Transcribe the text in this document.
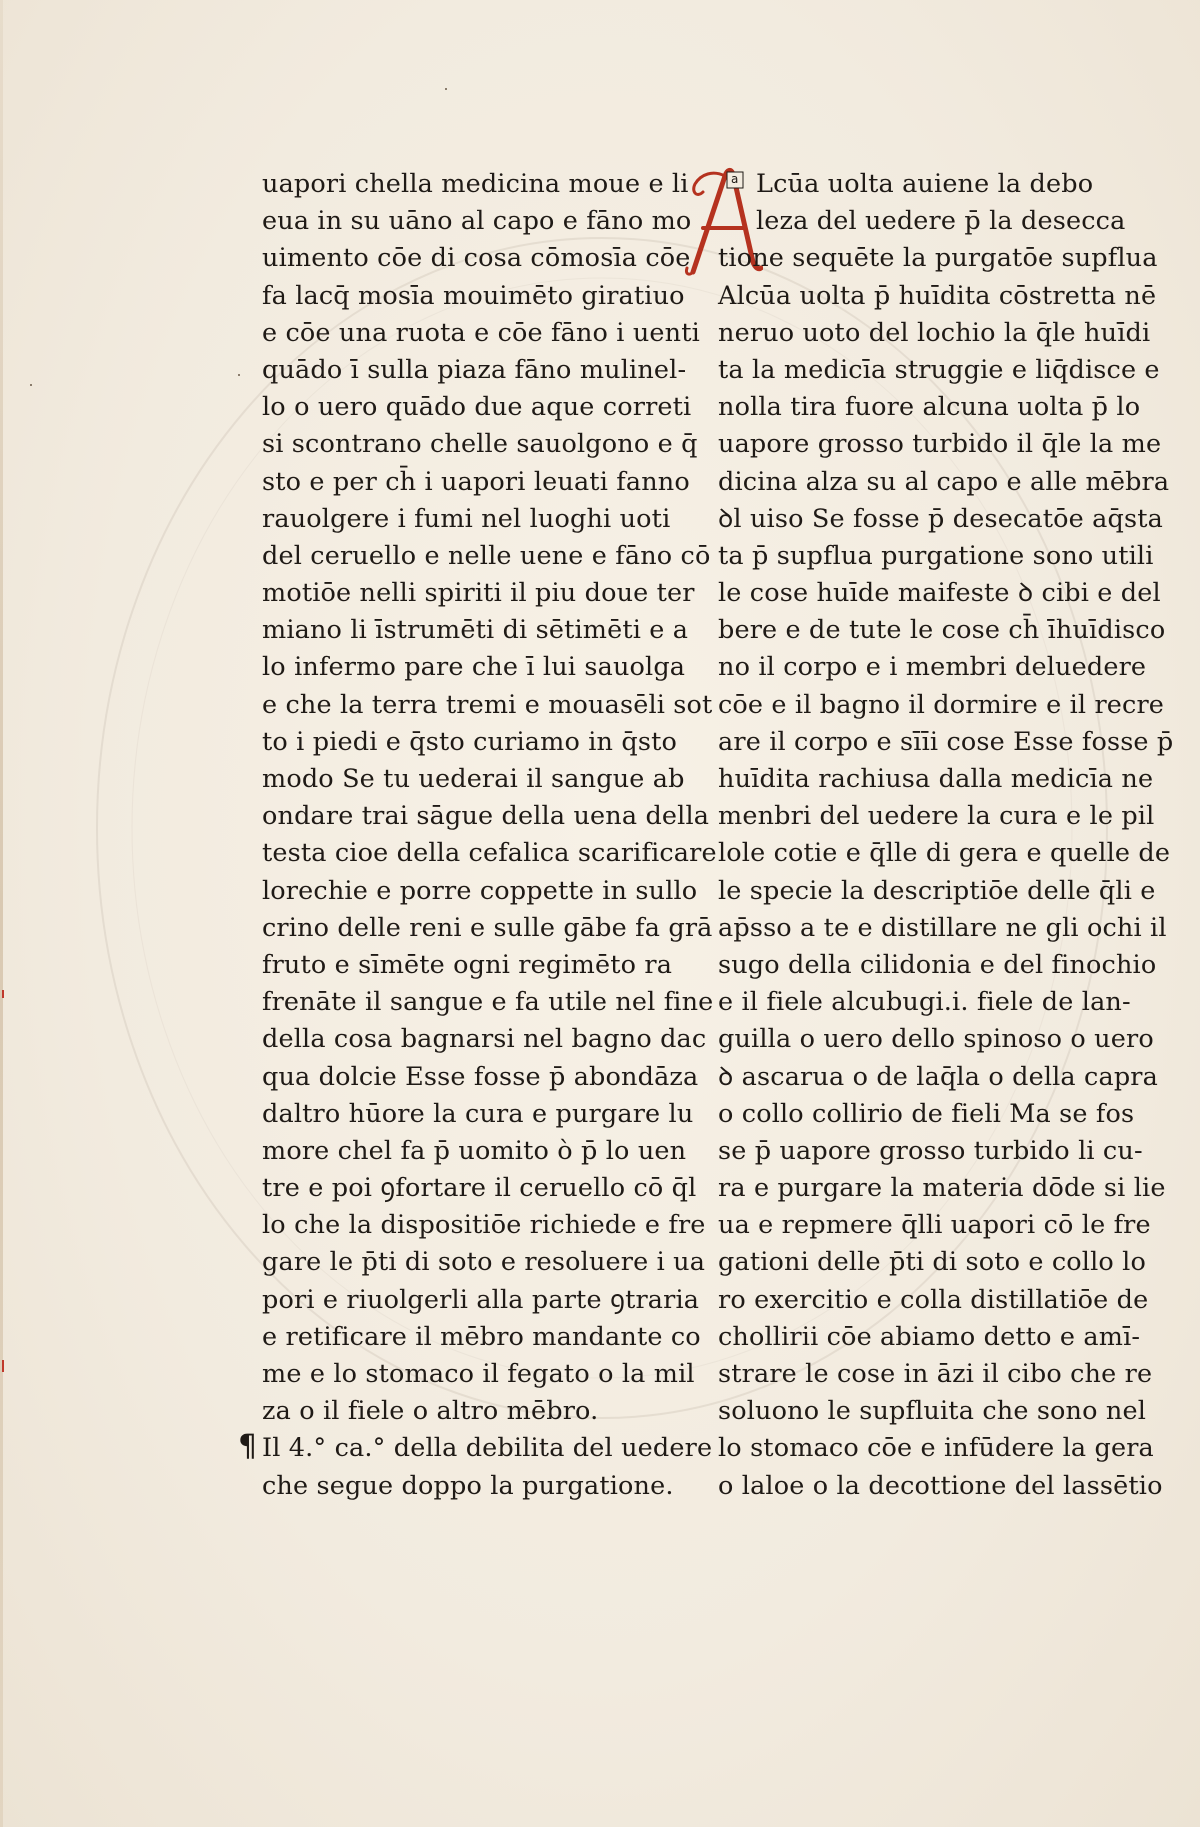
a
uapori chella medicina moue e li
eua in su uāno al capo e fāno mo
uimento cōe di cosa cōmosīa cōe
fa lacq̄ mosīa mouimēto giratiuo
e cōe una ruota e cōe fāno i uenti
quādo ī sulla piaza fāno mulinel-
lo o uero quādo due aque correti
si scontrano chelle sauolgono e q̄
sto e per ch̄ i uapori leuati fanno
rauolgere i fumi nel luoghi uoti
del ceruello e nelle uene e fāno cō
motiōe nelli spiriti il piu doue ter
miano li īstrumēti di sētimēti e a
lo infermo pare che ī lui sauolga
e che la terra tremi e mouasēli sot
to i piedi e q̄sto curiamo in q̄sto
modo Se tu uederai il sangue ab
ondare trai sāgue della uena della
testa cioe della cefalica scarificare
lorechie e porre coppette in sullo
crino delle reni e sulle gābe fa grā
fruto e sīmēte ogni regimēto ra
frenāte il sangue e fa utile nel fine
della cosa bagnarsi nel bagno dac
qua dolcie Esse fosse p̄ abondāza
daltro hūore la cura e purgare lu
more chel fa p̄ uomito ò p̄ lo uen
tre e poi ꝯfortare il ceruello cō q̄l
lo che la dispositiōe richiede e fre
gare le p̄ti di soto e resoluere i ua
pori e riuolgerli alla parte ꝯtraria
e retificare il mēbro mandante co
me e lo stomaco il fegato o la mil
za o il fiele o altro mēbro.
¶ Il 4.° ca.° della debilita del uedere
che segue doppo la purgatione.
Lcūa uolta auiene la debo
leza del uedere p̄ la desecca
tione sequēte la purgatōe supflua
Alcūa uolta p̄ huīdita cōstretta nē
neruo uoto del lochio la q̄le huīdi
ta la medicīa struggie e liq̄disce e
nolla tira fuore alcuna uolta p̄ lo
uapore grosso turbido il q̄le la me
dicina alza su al capo e alle mēbra
ꝺl uiso Se fosse p̄ desecatōe aq̄sta
ta p̄ supflua purgatione sono utili
le cose huīde maifeste ꝺ cibi e del
bere e de tute le cose ch̄ īhuīdisco
no il corpo e i membri deluedere
cōe e il bagno il dormire e il recre
are il corpo e sīīi cose Esse fosse p̄
huīdita rachiusa dalla medicīa ne
menbri del uedere la cura e le pil
lole cotie e q̄lle di gera e quelle de
le specie la descriptiōe delle q̄li e
ap̄sso a te e distillare ne gli ochi il
sugo della cilidonia e del finochio
e il fiele alcubugi.i. fiele de lan-
guilla o uero dello spinoso o uero
ꝺ ascarua o de laq̄la o della capra
o collo collirio de fieli Ma se fos
se p̄ uapore grosso turbido li cu-
ra e purgare la materia dōde si lie
ua e repmere q̄lli uapori cō le fre
gationi delle p̄ti di soto e collo lo
ro exercitio e colla distillatiōe de
chollirii cōe abiamo detto e amī-
strare le cose in āzi il cibo che re
soluono le supfluita che sono nel
lo stomaco cōe e infūdere la gera
o laloe o la decottione del lassētio
